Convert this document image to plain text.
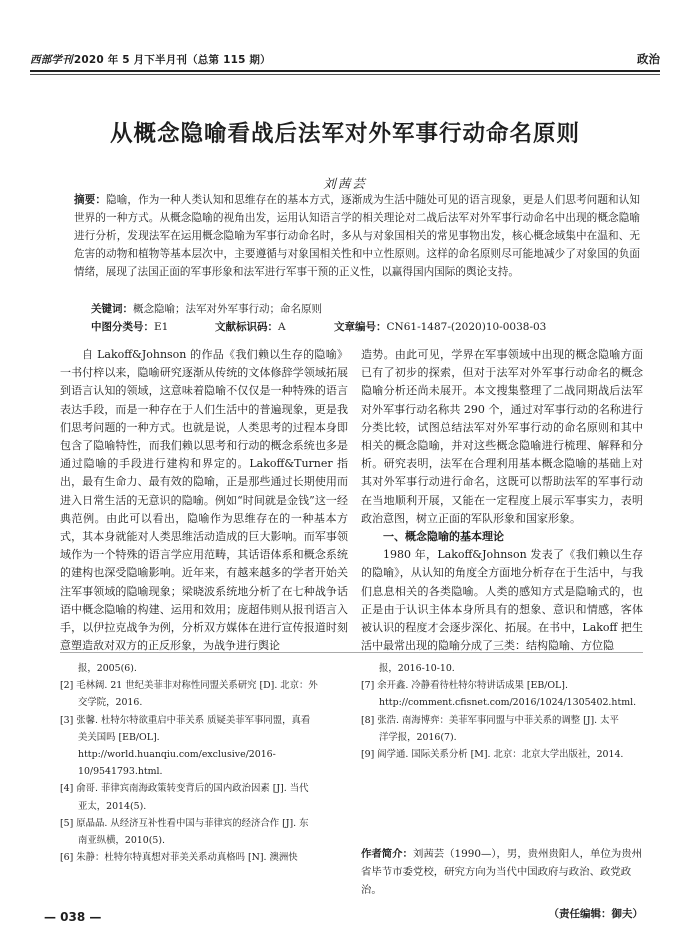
西部学刊2020 年 5 月下半月刊（总第 115 期）	政治
从概念隐喻看战后法军对外军事行动命名原则
刘茜芸
摘要：隐喻，作为一种人类认知和思维存在的基本方式，逐渐成为生活中随处可见的语言现象，更是人们思考问题和认知世界的一种方式。从概念隐喻的视角出发，运用认知语言学的相关理论对二战后法军对外军事行动命名中出现的概念隐喻进行分析，发现法军在运用概念隐喻为军事行动命名时，多从与对象国相关的常见事物出发，核心概念域集中在温和、无危害的动物和植物等基本层次中，主要遵循与对象国相关性和中立性原则。这样的命名原则尽可能地减少了对象国的负面情绪，展现了法国正面的军事形象和法军进行军事干预的正义性，以赢得国内国际的舆论支持。
关键词：概念隐喻；法军对外军事行动；命名原则
中图分类号：E1	文献标识码：A	文章编号：CN61-1487-(2020)10-0038-03

自 Lakoff&Johnson 的作品《我们赖以生存的隐喻》一书付梓以来，隐喻研究逐渐从传统的文体修辞学领域拓展到语言认知的领域，这意味着隐喻不仅仅是一种特殊的语言表达手段，而是一种存在于人们生活中的普遍现象，更是我们思考问题的一种方式。也就是说，人类思考的过程本身即包含了隐喻特性，而我们赖以思考和行动的概念系统也多是通过隐喻的手段进行建构和界定的。Lakoff&Turner 指出，最有生命力、最有效的隐喻，正是那些通过长期使用而进入日常生活的无意识的隐喻。例如“时间就是金钱”这一经典范例。由此可以看出，隐喻作为思维存在的一种基本方式，其本身就能对人类思维活动造成的巨大影响。而军事领域作为一个特殊的语言学应用范畴，其话语体系和概念系统的建构也深受隐喻影响。近年来，有越来越多的学者开始关注军事领域的隐喻现象；梁晓波系统地分析了在七种战争话语中概念隐喻的构建、运用和效用；庞超伟则从报刊语言入手，以伊拉克战争为例，分析双方媒体在进行宣传报道时刻意塑造敌对双方的正反形象，为战争进行舆论

造势。由此可见，学界在军事领域中出现的概念隐喻方面已有了初步的探索，但对于法军对外军事行动命名的概念隐喻分析还尚未展开。本文搜集整理了二战同期战后法军对外军事行动名称共 290 个，通过对军事行动的名称进行分类比较，试图总结法军对外军事行动的命名原则和其中相关的概念隐喻，并对这些概念隐喻进行梳理、解释和分析。研究表明，法军在合理利用基本概念隐喻的基础上对其对外军事行动进行命名，这既可以帮助法军的军事行动在当地顺利开展，又能在一定程度上展示军事实力，表明政治意图，树立正面的军队形象和国家形象。

一、概念隐喻的基本理论

1980 年，Lakoff&Johnson 发表了《我们赖以生存的隐喻》，从认知的角度全方面地分析存在于生活中，与我们息息相关的各类隐喻。人类的感知方式是隐喻式的，也正是由于认识主体本身所具有的想象、意识和情感，客体被认识的程度才会逐步深化、拓展。在书中，Lakoff 把生活中最常出现的隐喻分成了三类：结构隐喻、方位隐

报，2005(6).
[2] 毛林阔. 21 世纪美菲非对称性同盟关系研究 [D]. 北京：外
交学院，2016.
[3] 张馨. 杜特尔特欲重启中菲关系 质疑美菲军事同盟，真看
美关国吗 [EB/OL].
http://world.huanqiu.com/exclusive/2016-10/9541793.html.
[4] 俞哥. 菲律宾南海政策转变背后的国内政治因素 [J]. 当代
亚太，2014(5).
[5] 原晶晶. 从经济互补性看中国与菲律宾的经济合作 [J]. 东
南亚纵横，2010(5).
[6] 朱静：杜特尔特真想对菲美关系动真格吗 [N]. 澳洲快
报，2016-10-10.
[7] 余开鑫. 冷静看待杜特尔特讲话成果 [EB/OL].
http://comment.cfisnet.com/2016/1024/1305402.html.
[8] 张浩. 南海博弈：美菲军事同盟与中菲关系的调整 [J]. 太平
洋学报，2016(7).
[9] 阎学通. 国际关系分析 [M]. 北京：北京大学出版社，2014.
作者简介：刘茜芸（1990—），男，贵州贵阳人，单位为贵州省毕节市委党校，研究方向为当代中国政府与政治、政党政治。
（责任编辑：御夫）
— 038 —
